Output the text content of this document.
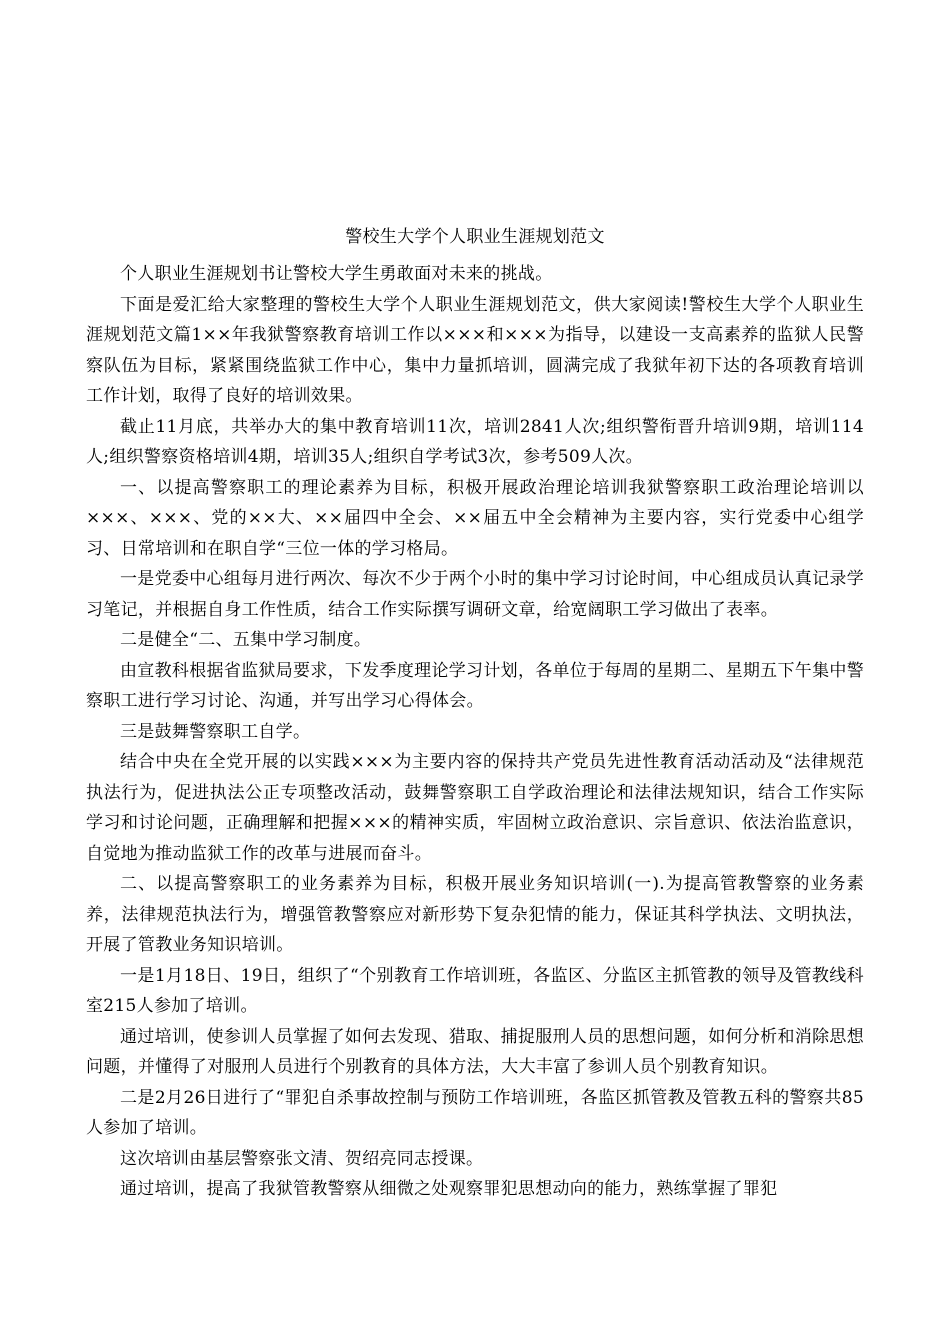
警校生大学个人职业生涯规划范文

个人职业生涯规划书让警校大学生勇敢面对未来的挑战。

下面是爱汇给大家整理的警校生大学个人职业生涯规划范文，供大家阅读!警校生大学个人职业生涯规划范文篇1××年我狱警察教育培训工作以×××和×××为指导，以建设一支高素养的监狱人民警察队伍为目标，紧紧围绕监狱工作中心，集中力量抓培训，圆满完成了我狱年初下达的各项教育培训工作计划，取得了良好的培训效果。

截止11月底，共举办大的集中教育培训11次，培训2841人次;组织警衔晋升培训9期，培训114人;组织警察资格培训4期，培训35人;组织自学考试3次，参考509人次。

一、以提高警察职工的理论素养为目标，积极开展政治理论培训我狱警察职工政治理论培训以×××、×××、党的××大、××届四中全会、××届五中全会精神为主要内容，实行党委中心组学习、日常培训和在职自学“三位一体的学习格局。

一是党委中心组每月进行两次、每次不少于两个小时的集中学习讨论时间，中心组成员认真记录学习笔记，并根据自身工作性质，结合工作实际撰写调研文章，给宽阔职工学习做出了表率。

二是健全“二、五集中学习制度。

由宣教科根据省监狱局要求，下发季度理论学习计划，各单位于每周的星期二、星期五下午集中警察职工进行学习讨论、沟通，并写出学习心得体会。

三是鼓舞警察职工自学。

结合中央在全党开展的以实践×××为主要内容的保持共产党员先进性教育活动活动及“法律规范执法行为，促进执法公正专项整改活动，鼓舞警察职工自学政治理论和法律法规知识，结合工作实际学习和讨论问题，正确理解和把握×××的精神实质，牢固树立政治意识、宗旨意识、依法治监意识，自觉地为推动监狱工作的改革与进展而奋斗。

二、以提高警察职工的业务素养为目标，积极开展业务知识培训(一).为提高管教警察的业务素养，法律规范执法行为，增强管教警察应对新形势下复杂犯情的能力，保证其科学执法、文明执法，开展了管教业务知识培训。

一是1月18日、19日，组织了“个别教育工作培训班，各监区、分监区主抓管教的领导及管教线科室215人参加了培训。

通过培训，使参训人员掌握了如何去发现、猎取、捕捉服刑人员的思想问题，如何分析和消除思想问题，并懂得了对服刑人员进行个别教育的具体方法，大大丰富了参训人员个别教育知识。

二是2月26日进行了“罪犯自杀事故控制与预防工作培训班，各监区抓管教及管教五科的警察共85人参加了培训。

这次培训由基层警察张文清、贺绍亮同志授课。

通过培训，提高了我狱管教警察从细微之处观察罪犯思想动向的能力，熟练掌握了罪犯
